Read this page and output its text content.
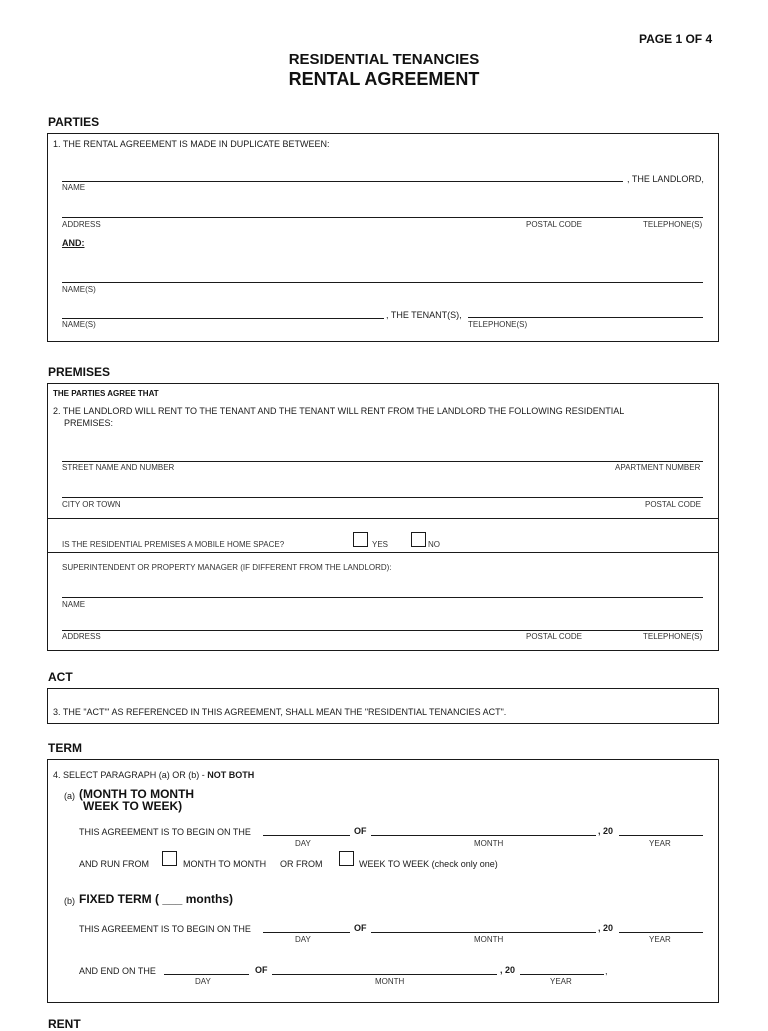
PAGE 1 OF 4
RESIDENTIAL TENANCIES
RENTAL AGREEMENT
PARTIES
1. THE RENTAL AGREEMENT IS MADE IN DUPLICATE BETWEEN:
, THE LANDLORD,
NAME
ADDRESS	POSTAL CODE	TELEPHONE(S)
AND:
NAME(S)
, THE TENANT(S),
NAME(S)	TELEPHONE(S)
PREMISES
THE PARTIES AGREE THAT
2. THE LANDLORD WILL RENT TO THE TENANT AND THE TENANT WILL RENT FROM THE LANDLORD THE FOLLOWING RESIDENTIAL
PREMISES:
STREET NAME AND NUMBER	APARTMENT NUMBER
CITY OR TOWN	POSTAL CODE
IS THE RESIDENTIAL PREMISES A MOBILE HOME SPACE?	YES	NO
SUPERINTENDENT OR PROPERTY MANAGER (IF DIFFERENT FROM THE LANDLORD):
NAME
ADDRESS	POSTAL CODE	TELEPHONE(S)
ACT
3. THE "ACT"' AS REFERENCED IN THIS AGREEMENT, SHALL MEAN THE "RESIDENTIAL TENANCIES ACT".
TERM
4. SELECT PARAGRAPH (a) OR (b) - NOT BOTH
(a) (MONTH TO MONTH
WEEK TO WEEK)
THIS AGREEMENT IS TO BEGIN ON THE	OF	, 20
DAY	MONTH	YEAR
AND RUN FROM	MONTH TO MONTH OR FROM	WEEK TO WEEK (check only one)
(b) FIXED TERM ( ___ months)
THIS AGREEMENT IS TO BEGIN ON THE	OF	, 20
DAY	MONTH	YEAR
AND END ON THE	OF	, 20	,
DAY	MONTH	YEAR
RENT
